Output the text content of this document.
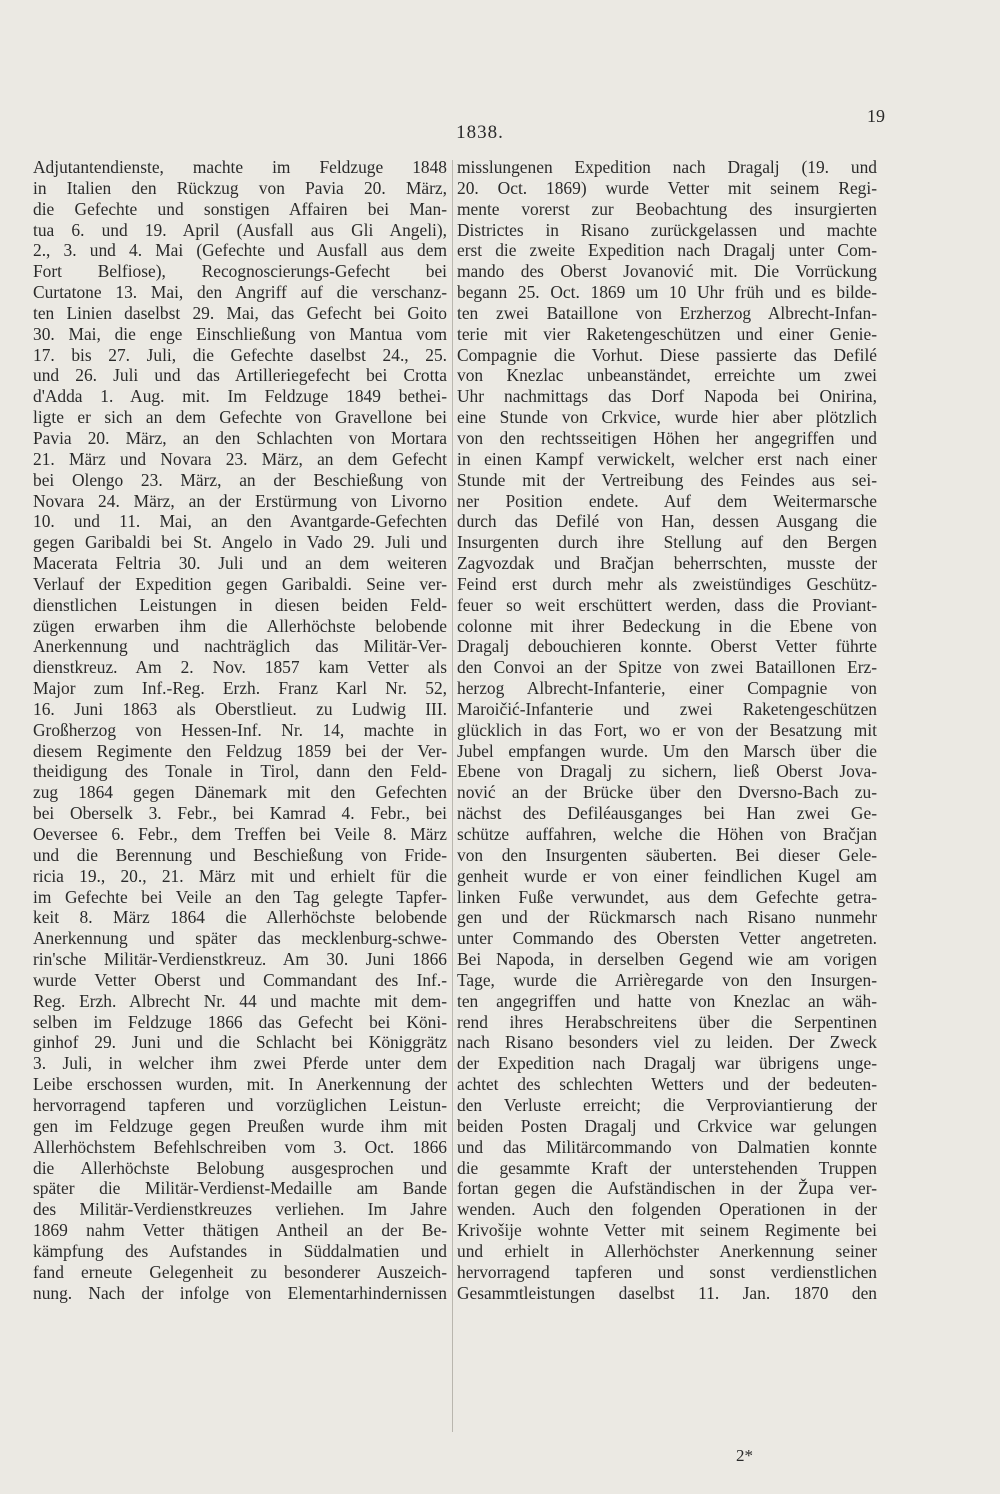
1838.
19
Adjutantendienste, machte im Feldzuge 1848
in Italien den Rückzug von Pavia 20. März,
die Gefechte und sonstigen Affairen bei Man-
tua 6. und 19. April (Ausfall aus Gli Angeli),
2., 3. und 4. Mai (Gefechte und Ausfall aus dem
Fort Belfiose), Recognoscierungs-Gefecht bei
Curtatone 13. Mai, den Angriff auf die verschanz-
ten Linien daselbst 29. Mai, das Gefecht bei Goito
30. Mai, die enge Einschließung von Mantua vom
17. bis 27. Juli, die Gefechte daselbst 24., 25.
und 26. Juli und das Artilleriegefecht bei Crotta
d'Adda 1. Aug. mit. Im Feldzuge 1849 bethei-
ligte er sich an dem Gefechte von Gravellone bei
Pavia 20. März, an den Schlachten von Mortara
21. März und Novara 23. März, an dem Gefecht
bei Olengo 23. März, an der Beschießung von
Novara 24. März, an der Erstürmung von Livorno
10. und 11. Mai, an den Avantgarde-Gefechten
gegen Garibaldi bei St. Angelo in Vado 29. Juli und
Macerata Feltria 30. Juli und an dem weiteren
Verlauf der Expedition gegen Garibaldi. Seine ver-
dienstlichen Leistungen in diesen beiden Feld-
zügen erwarben ihm die Allerhöchste belobende
Anerkennung und nachträglich das Militär-Ver-
dienstkreuz. Am 2. Nov. 1857 kam Vetter als
Major zum Inf.-Reg. Erzh. Franz Karl Nr. 52,
16. Juni 1863 als Oberstlieut. zu Ludwig III.
Großherzog von Hessen-Inf. Nr. 14, machte in
diesem Regimente den Feldzug 1859 bei der Ver-
theidigung des Tonale in Tirol, dann den Feld-
zug 1864 gegen Dänemark mit den Gefechten
bei Oberselk 3. Febr., bei Kamrad 4. Febr., bei
Oeversee 6. Febr., dem Treffen bei Veile 8. März
und die Berennung und Beschießung von Fride-
ricia 19., 20., 21. März mit und erhielt für die
im Gefechte bei Veile an den Tag gelegte Tapfer-
keit 8. März 1864 die Allerhöchste belobende
Anerkennung und später das mecklenburg-schwe-
rin'sche Militär-Verdienstkreuz. Am 30. Juni 1866
wurde Vetter Oberst und Commandant des Inf.-
Reg. Erzh. Albrecht Nr. 44 und machte mit dem-
selben im Feldzuge 1866 das Gefecht bei Köni-
ginhof 29. Juni und die Schlacht bei Königgrätz
3. Juli, in welcher ihm zwei Pferde unter dem
Leibe erschossen wurden, mit. In Anerkennung der
hervorragend tapferen und vorzüglichen Leistun-
gen im Feldzuge gegen Preußen wurde ihm mit
Allerhöchstem Befehlschreiben vom 3. Oct. 1866
die Allerhöchste Belobung ausgesprochen und
später die Militär-Verdienst-Medaille am Bande
des Militär-Verdienstkreuzes verliehen. Im Jahre
1869 nahm Vetter thätigen Antheil an der Be-
kämpfung des Aufstandes in Süddalmatien und
fand erneute Gelegenheit zu besonderer Auszeich-
nung. Nach der infolge von Elementarhindernissen
misslungenen Expedition nach Dragalj (19. und
20. Oct. 1869) wurde Vetter mit seinem Regi-
mente vorerst zur Beobachtung des insurgierten
Districtes in Risano zurückgelassen und machte
erst die zweite Expedition nach Dragalj unter Com-
mando des Oberst Jovanović mit. Die Vorrückung
begann 25. Oct. 1869 um 10 Uhr früh und es bilde-
ten zwei Bataillone von Erzherzog Albrecht-Infan-
terie mit vier Raketengeschützen und einer Genie-
Compagnie die Vorhut. Diese passierte das Defilé
von Knezlac unbeanständet, erreichte um zwei
Uhr nachmittags das Dorf Napoda bei Onirina,
eine Stunde von Crkvice, wurde hier aber plötzlich
von den rechtsseitigen Höhen her angegriffen und
in einen Kampf verwickelt, welcher erst nach einer
Stunde mit der Vertreibung des Feindes aus sei-
ner Position endete. Auf dem Weitermarsche
durch das Defilé von Han, dessen Ausgang die
Insurgenten durch ihre Stellung auf den Bergen
Zagvozdak und Bračjan beherrschten, musste der
Feind erst durch mehr als zweistündiges Geschütz-
feuer so weit erschüttert werden, dass die Proviant-
colonne mit ihrer Bedeckung in die Ebene von
Dragalj debouchieren konnte. Oberst Vetter führte
den Convoi an der Spitze von zwei Bataillonen Erz-
herzog Albrecht-Infanterie, einer Compagnie von
Maroičić-Infanterie und zwei Raketengeschützen
glücklich in das Fort, wo er von der Besatzung mit
Jubel empfangen wurde. Um den Marsch über die
Ebene von Dragalj zu sichern, ließ Oberst Jova-
nović an der Brücke über den Dversno-Bach zu-
nächst des Defiléausganges bei Han zwei Ge-
schütze auffahren, welche die Höhen von Bračjan
von den Insurgenten säuberten. Bei dieser Gele-
genheit wurde er von einer feindlichen Kugel am
linken Fuße verwundet, aus dem Gefechte getra-
gen und der Rückmarsch nach Risano nunmehr
unter Commando des Obersten Vetter angetreten.
Bei Napoda, in derselben Gegend wie am vorigen
Tage, wurde die Arrièregarde von den Insurgen-
ten angegriffen und hatte von Knezlac an wäh-
rend ihres Herabschreitens über die Serpentinen
nach Risano besonders viel zu leiden. Der Zweck
der Expedition nach Dragalj war übrigens unge-
achtet des schlechten Wetters und der bedeuten-
den Verluste erreicht; die Verproviantierung der
beiden Posten Dragalj und Crkvice war gelungen
und das Militärcommando von Dalmatien konnte
die gesammte Kraft der unterstehenden Truppen
fortan gegen die Aufständischen in der Župa ver-
wenden. Auch den folgenden Operationen in der
Krivošije wohnte Vetter mit seinem Regimente bei
und erhielt in Allerhöchster Anerkennung seiner
hervorragend tapferen und sonst verdienstlichen
Gesammtleistungen daselbst 11. Jan. 1870 den
2*
